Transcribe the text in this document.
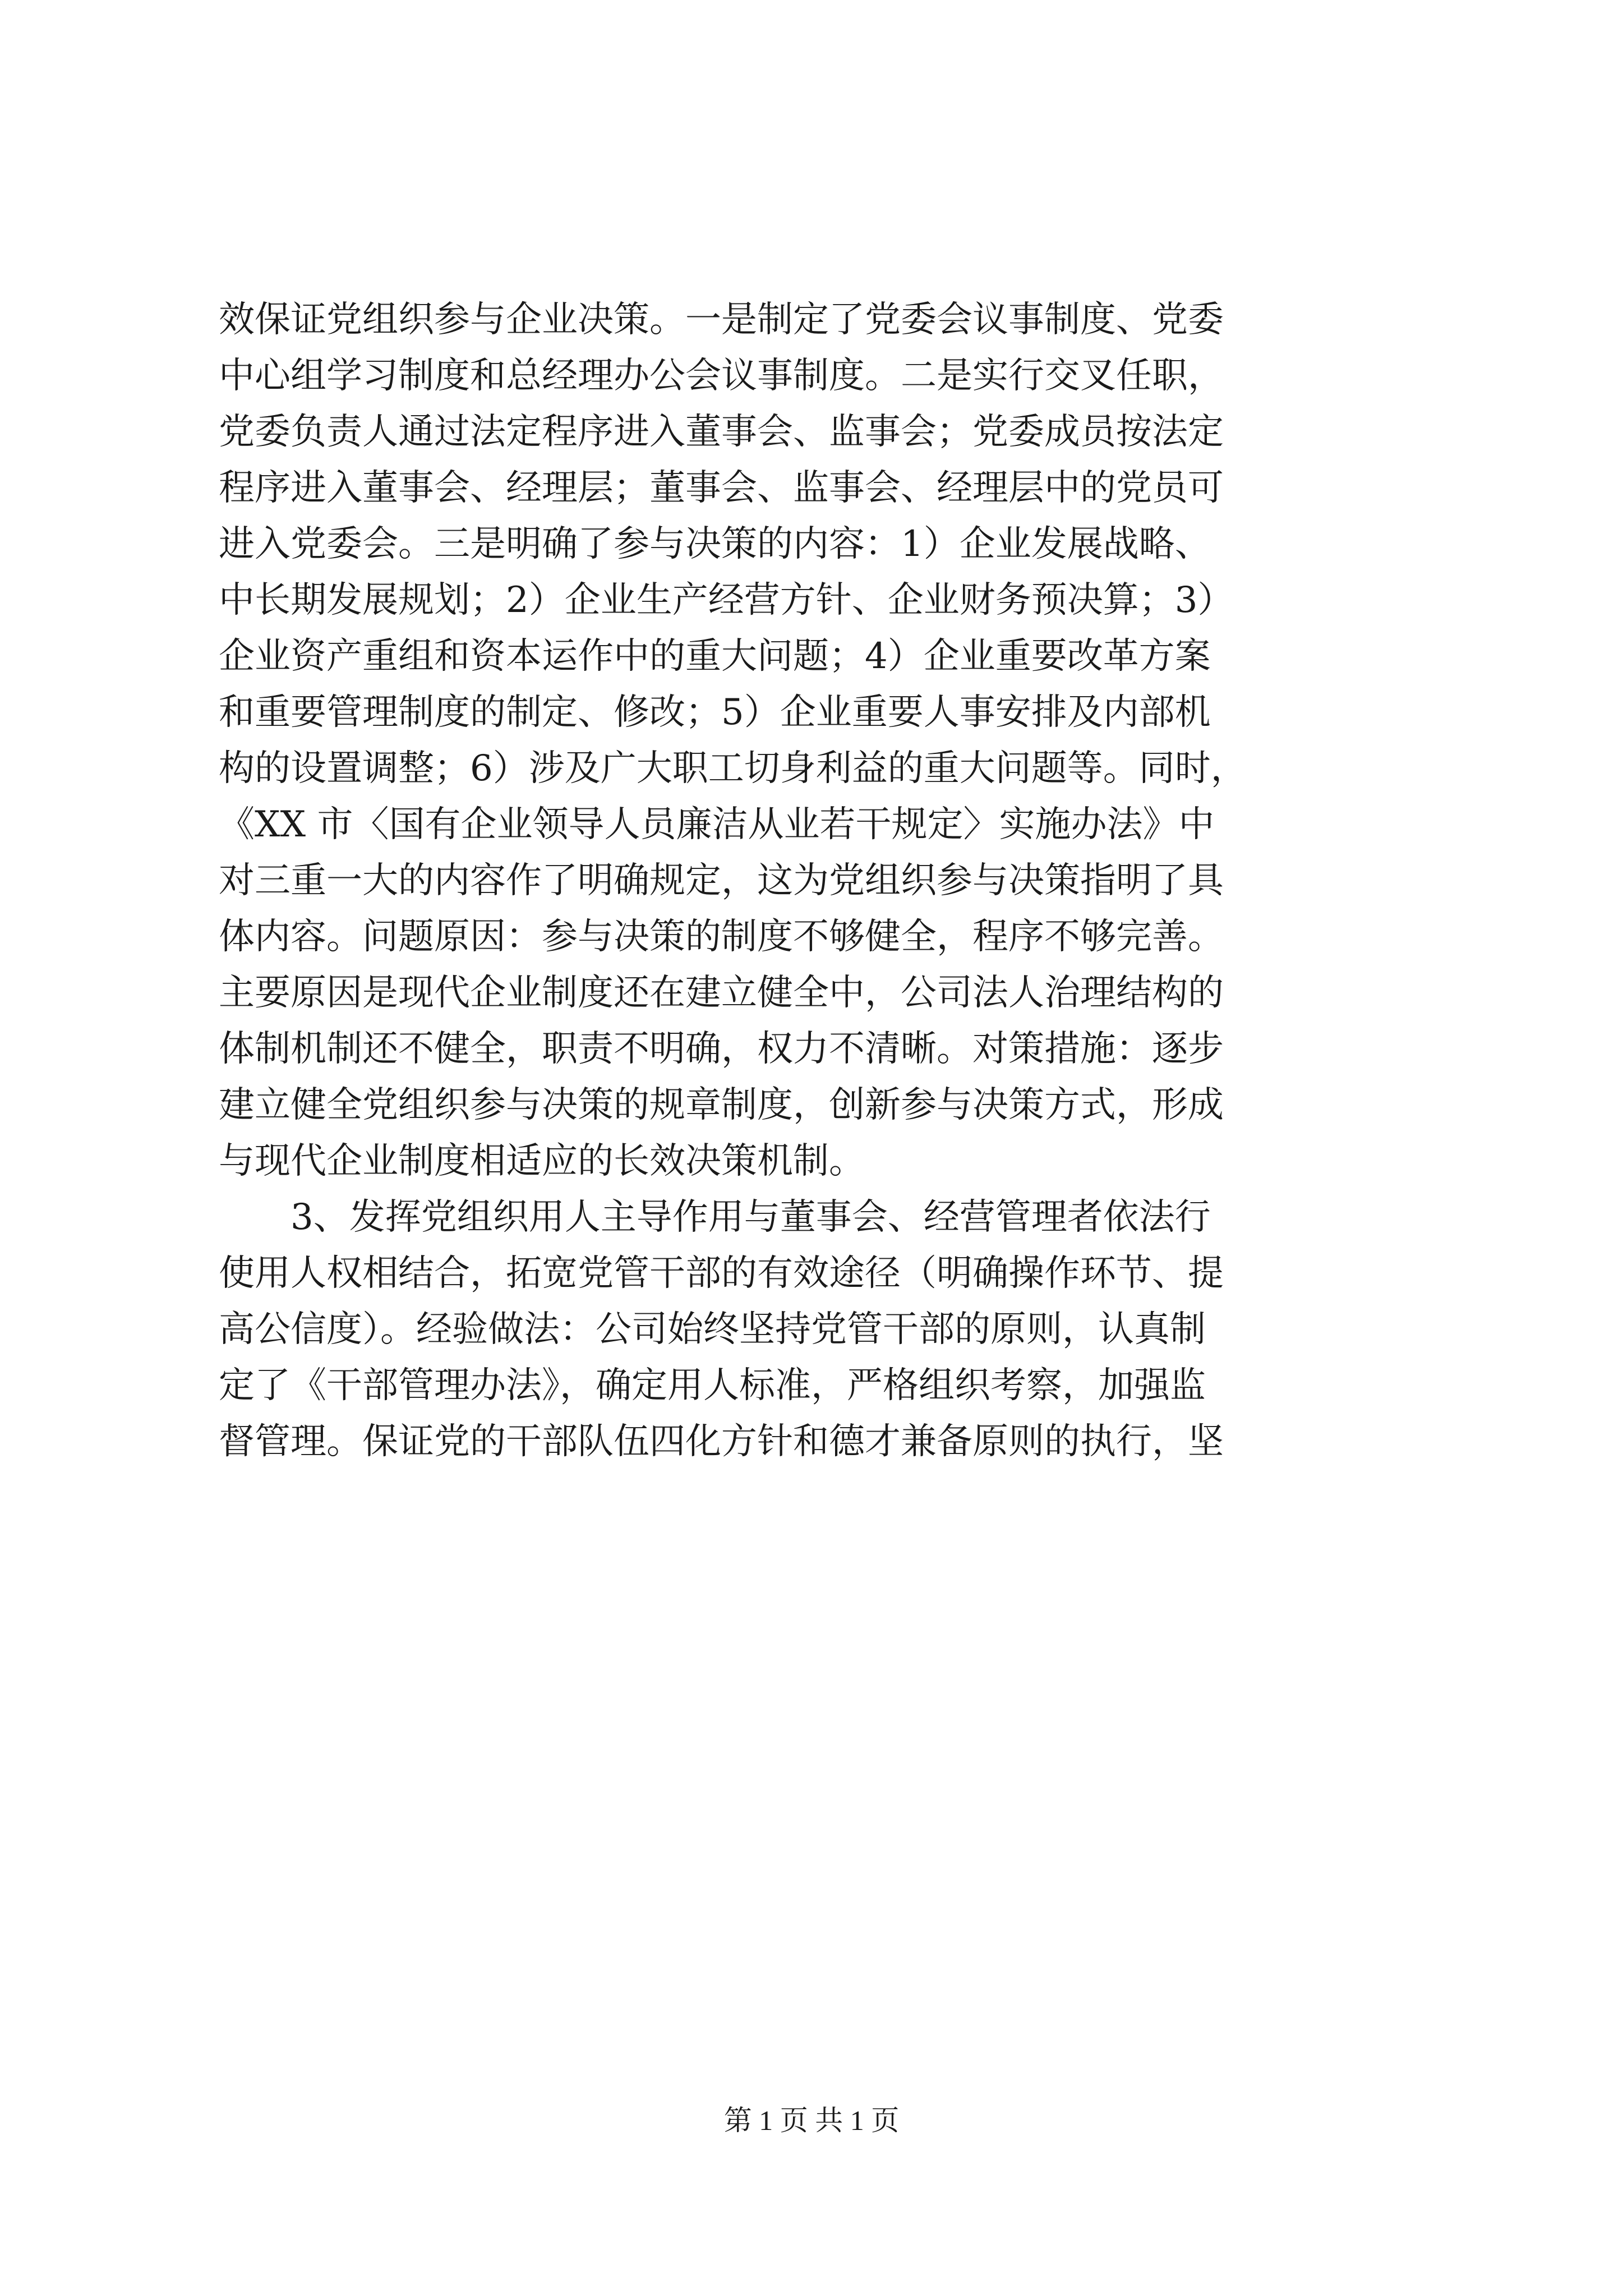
效保证党组织参与企业决策。一是制定了党委会议事制度、党委

中心组学习制度和总经理办公会议事制度。二是实行交叉任职，

党委负责人通过法定程序进入董事会、监事会；党委成员按法定

程序进入董事会、经理层；董事会、监事会、经理层中的党员可

进入党委会。三是明确了参与决策的内容：1）企业发展战略、

中长期发展规划；2）企业生产经营方针、企业财务预决算；3）

企业资产重组和资本运作中的重大问题；4）企业重要改革方案

和重要管理制度的制定、修改；5）企业重要人事安排及内部机

构的设置调整；6）涉及广大职工切身利益的重大问题等。同时，

《XX 市〈国有企业领导人员廉洁从业若干规定〉实施办法》中

对三重一大的内容作了明确规定，这为党组织参与决策指明了具

体内容。问题原因：参与决策的制度不够健全，程序不够完善。

主要原因是现代企业制度还在建立健全中，公司法人治理结构的

体制机制还不健全，职责不明确，权力不清晰。对策措施：逐步

建立健全党组织参与决策的规章制度，创新参与决策方式，形成

与现代企业制度相适应的长效决策机制。

　　3、发挥党组织用人主导作用与董事会、经营管理者依法行

使用人权相结合，拓宽党管干部的有效途径（明确操作环节、提

高公信度）。经验做法：公司始终坚持党管干部的原则，认真制

定了《干部管理办法》，确定用人标准，严格组织考察，加强监

督管理。保证党的干部队伍四化方针和德才兼备原则的执行，坚

第 1 页 共 1 页
